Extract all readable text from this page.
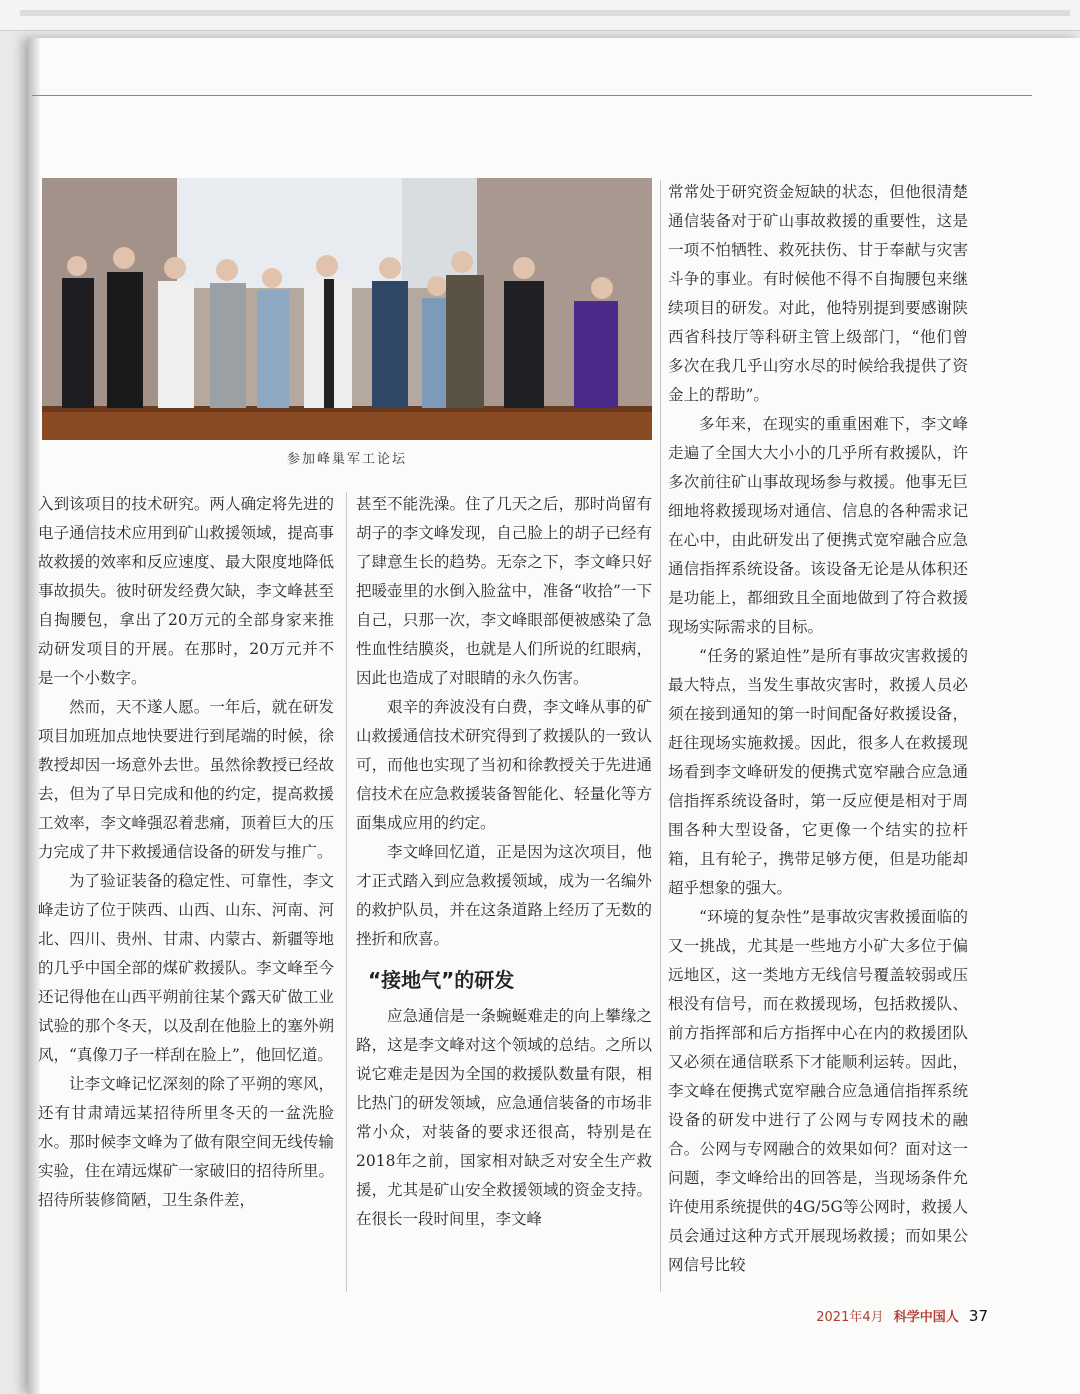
参加峰巢军工论坛

入到该项目的技术研究。两人确定将先进的电子通信技术应用到矿山救援领域，提高事故救援的效率和反应速度、最大限度地降低事故损失。彼时研发经费欠缺，李文峰甚至自掏腰包，拿出了20万元的全部身家来推动研发项目的开展。在那时，20万元并不是一个小数字。

然而，天不遂人愿。一年后，就在研发项目加班加点地快要进行到尾端的时候，徐教授却因一场意外去世。虽然徐教授已经故去，但为了早日完成和他的约定，提高救援工效率，李文峰强忍着悲痛，顶着巨大的压力完成了井下救援通信设备的研发与推广。

为了验证装备的稳定性、可靠性，李文峰走访了位于陕西、山西、山东、河南、河北、四川、贵州、甘肃、内蒙古、新疆等地的几乎中国全部的煤矿救援队。李文峰至今还记得他在山西平朔前往某个露天矿做工业试验的那个冬天，以及刮在他脸上的塞外朔风，“真像刀子一样刮在脸上”，他回忆道。

让李文峰记忆深刻的除了平朔的寒风，还有甘肃靖远某招待所里冬天的一盆洗脸水。那时候李文峰为了做有限空间无线传输实验，住在靖远煤矿一家破旧的招待所里。招待所装修简陋，卫生条件差，

甚至不能洗澡。住了几天之后，那时尚留有胡子的李文峰发现，自己脸上的胡子已经有了肆意生长的趋势。无奈之下，李文峰只好把暖壶里的水倒入脸盆中，准备“收拾”一下自己，只那一次，李文峰眼部便被感染了急性血性结膜炎，也就是人们所说的红眼病，因此也造成了对眼睛的永久伤害。

艰辛的奔波没有白费，李文峰从事的矿山救援通信技术研究得到了救援队的一致认可，而他也实现了当初和徐教授关于先进通信技术在应急救援装备智能化、轻量化等方面集成应用的约定。

李文峰回忆道，正是因为这次项目，他才正式踏入到应急救援领域，成为一名编外的救护队员，并在这条道路上经历了无数的挫折和欣喜。

“接地气”的研发

应急通信是一条蜿蜒难走的向上攀缘之路，这是李文峰对这个领域的总结。之所以说它难走是因为全国的救援队数量有限，相比热门的研发领域，应急通信装备的市场非常小众，对装备的要求还很高，特别是在2018年之前，国家相对缺乏对安全生产救援，尤其是矿山安全救援领域的资金支持。在很长一段时间里，李文峰

常常处于研究资金短缺的状态，但他很清楚通信装备对于矿山事故救援的重要性，这是一项不怕牺牲、救死扶伤、甘于奉献与灾害斗争的事业。有时候他不得不自掏腰包来继续项目的研发。对此，他特别提到要感谢陕西省科技厅等科研主管上级部门，“他们曾多次在我几乎山穷水尽的时候给我提供了资金上的帮助”。

多年来，在现实的重重困难下，李文峰走遍了全国大大小小的几乎所有救援队，许多次前往矿山事故现场参与救援。他事无巨细地将救援现场对通信、信息的各种需求记在心中，由此研发出了便携式宽窄融合应急通信指挥系统设备。该设备无论是从体积还是功能上，都细致且全面地做到了符合救援现场实际需求的目标。

“任务的紧迫性”是所有事故灾害救援的最大特点，当发生事故灾害时，救援人员必须在接到通知的第一时间配备好救援设备，赶往现场实施救援。因此，很多人在救援现场看到李文峰研发的便携式宽窄融合应急通信指挥系统设备时，第一反应便是相对于周围各种大型设备，它更像一个结实的拉杆箱，且有轮子，携带足够方便，但是功能却超乎想象的强大。

“环境的复杂性”是事故灾害救援面临的又一挑战，尤其是一些地方小矿大多位于偏远地区，这一类地方无线信号覆盖较弱或压根没有信号，而在救援现场，包括救援队、前方指挥部和后方指挥中心在内的救援团队又必须在通信联系下才能顺利运转。因此，李文峰在便携式宽窄融合应急通信指挥系统设备的研发中进行了公网与专网技术的融合。公网与专网融合的效果如何？面对这一问题，李文峰给出的回答是，当现场条件允许使用系统提供的4G/5G等公网时，救援人员会通过这种方式开展现场救援；而如果公网信号比较

2021年4月 科学中国人 37
